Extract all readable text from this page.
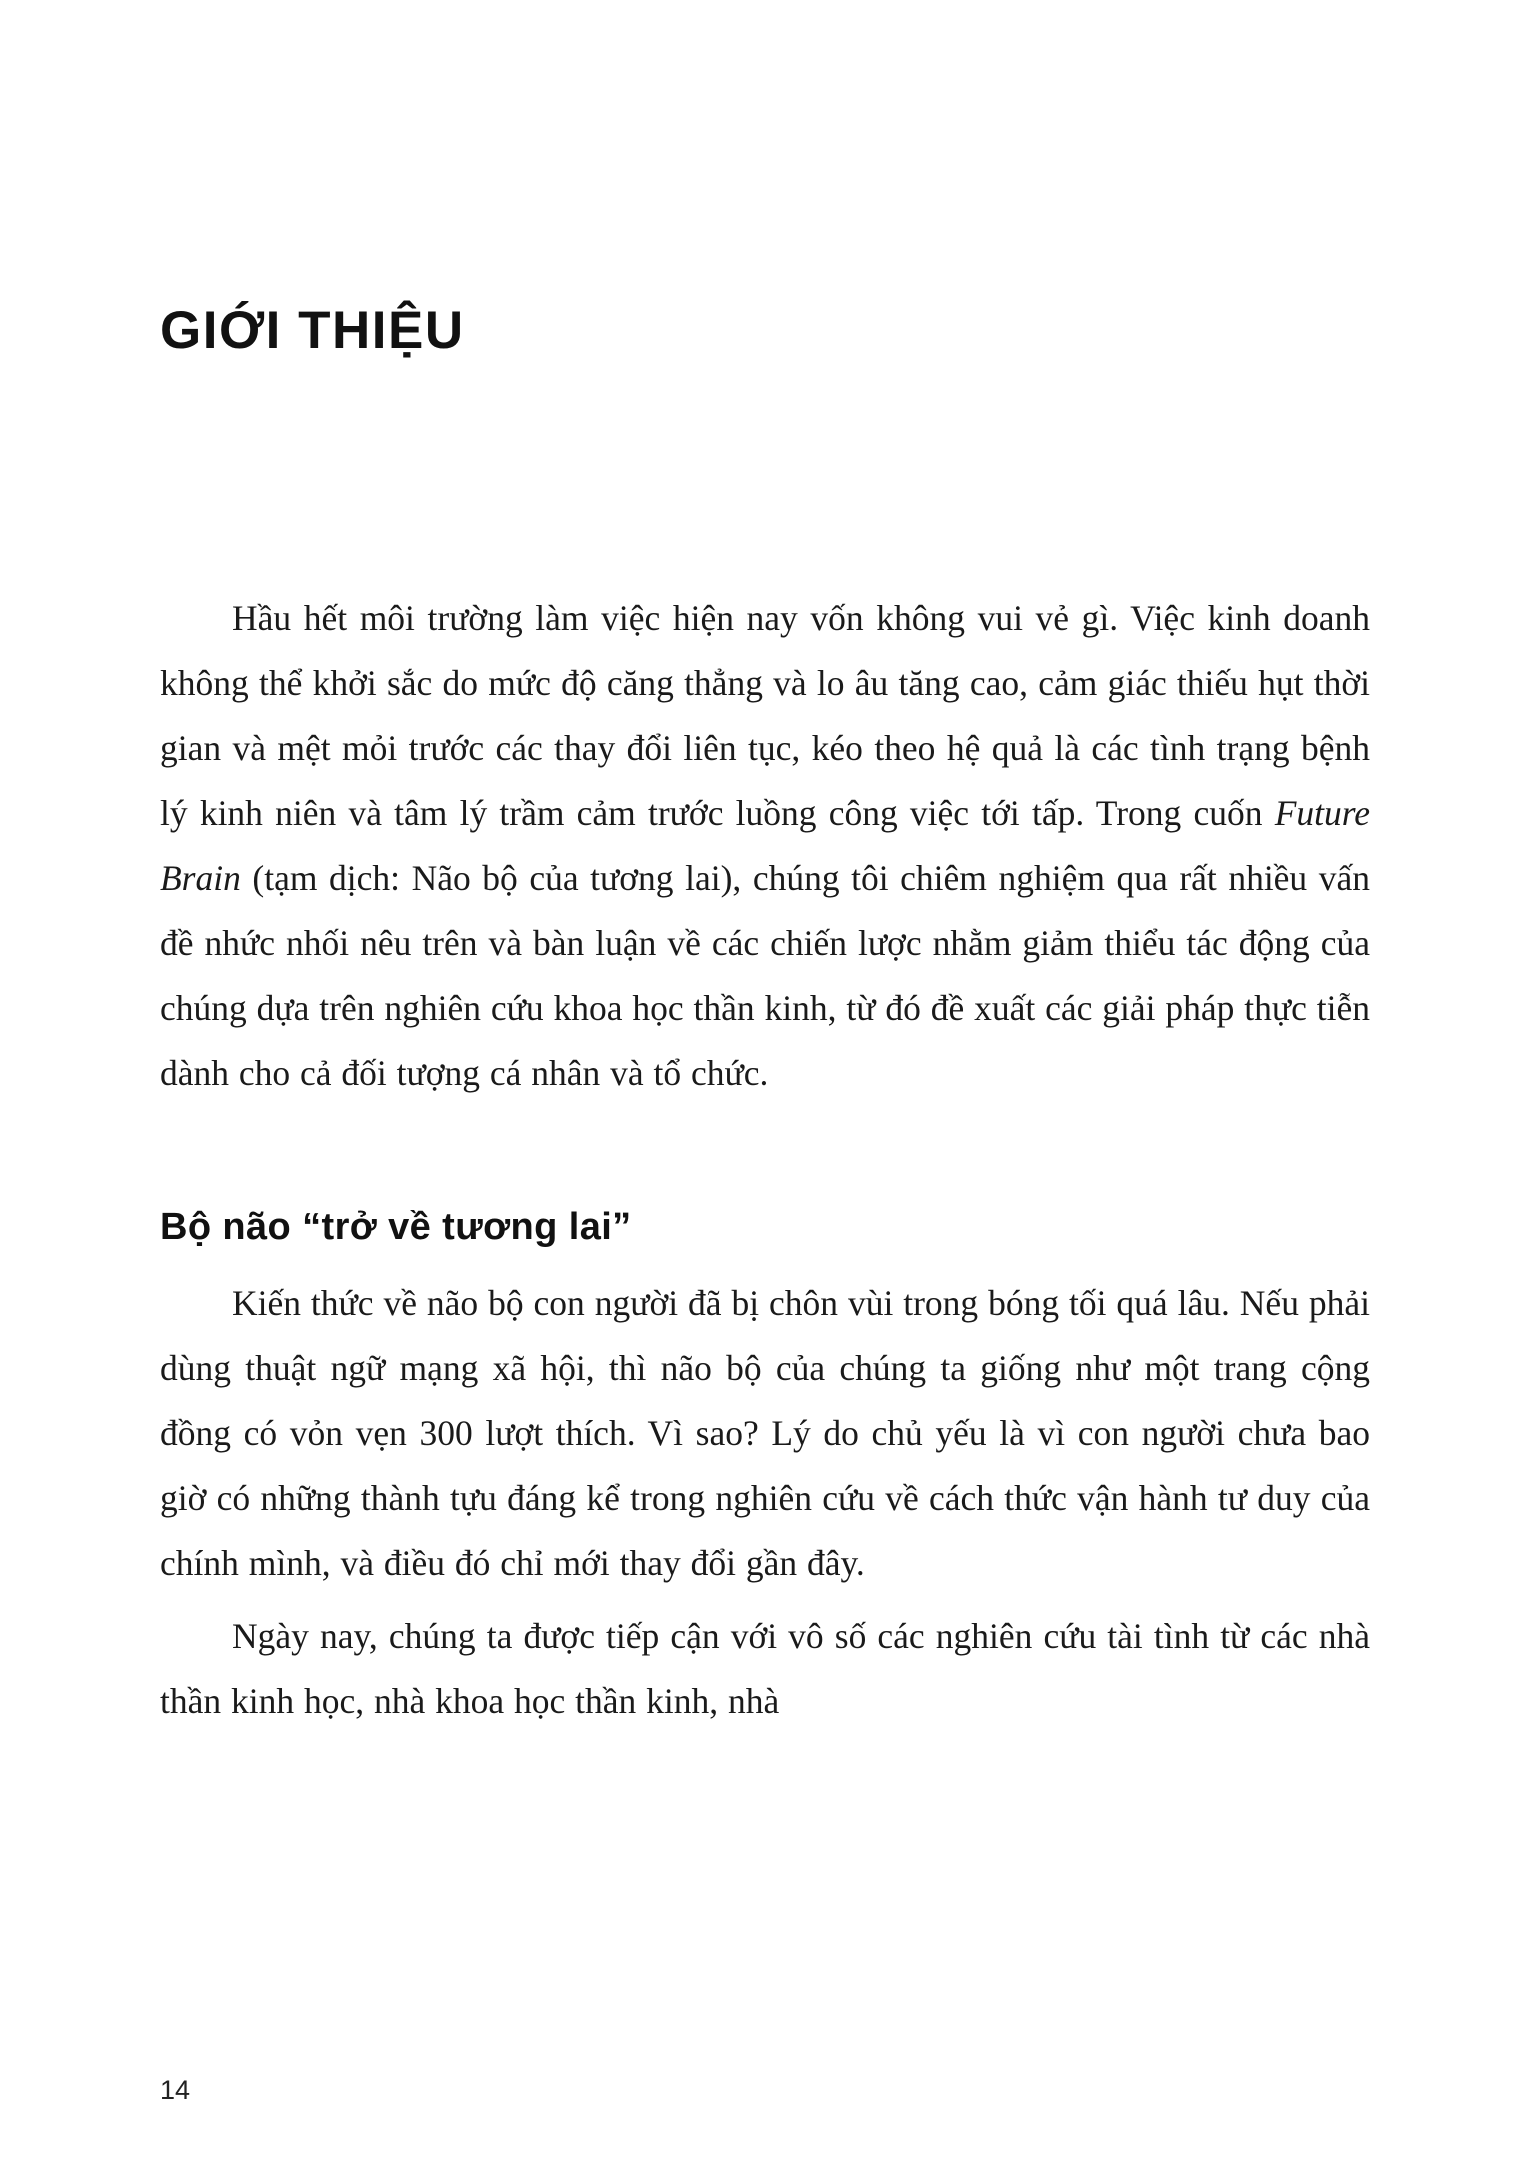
GIỚI THIỆU

Hầu hết môi trường làm việc hiện nay vốn không vui vẻ gì. Việc kinh doanh không thể khởi sắc do mức độ căng thẳng và lo âu tăng cao, cảm giác thiếu hụt thời gian và mệt mỏi trước các thay đổi liên tục, kéo theo hệ quả là các tình trạng bệnh lý kinh niên và tâm lý trầm cảm trước luồng công việc tới tấp. Trong cuốn Future Brain (tạm dịch: Não bộ của tương lai), chúng tôi chiêm nghiệm qua rất nhiều vấn đề nhức nhối nêu trên và bàn luận về các chiến lược nhằm giảm thiểu tác động của chúng dựa trên nghiên cứu khoa học thần kinh, từ đó đề xuất các giải pháp thực tiễn dành cho cả đối tượng cá nhân và tổ chức.

Bộ não “trở về tương lai”

Kiến thức về não bộ con người đã bị chôn vùi trong bóng tối quá lâu. Nếu phải dùng thuật ngữ mạng xã hội, thì não bộ của chúng ta giống như một trang cộng đồng có vỏn vẹn 300 lượt thích. Vì sao? Lý do chủ yếu là vì con người chưa bao giờ có những thành tựu đáng kể trong nghiên cứu về cách thức vận hành tư duy của chính mình, và điều đó chỉ mới thay đổi gần đây.

Ngày nay, chúng ta được tiếp cận với vô số các nghiên cứu tài tình từ các nhà thần kinh học, nhà khoa học thần kinh, nhà

14
